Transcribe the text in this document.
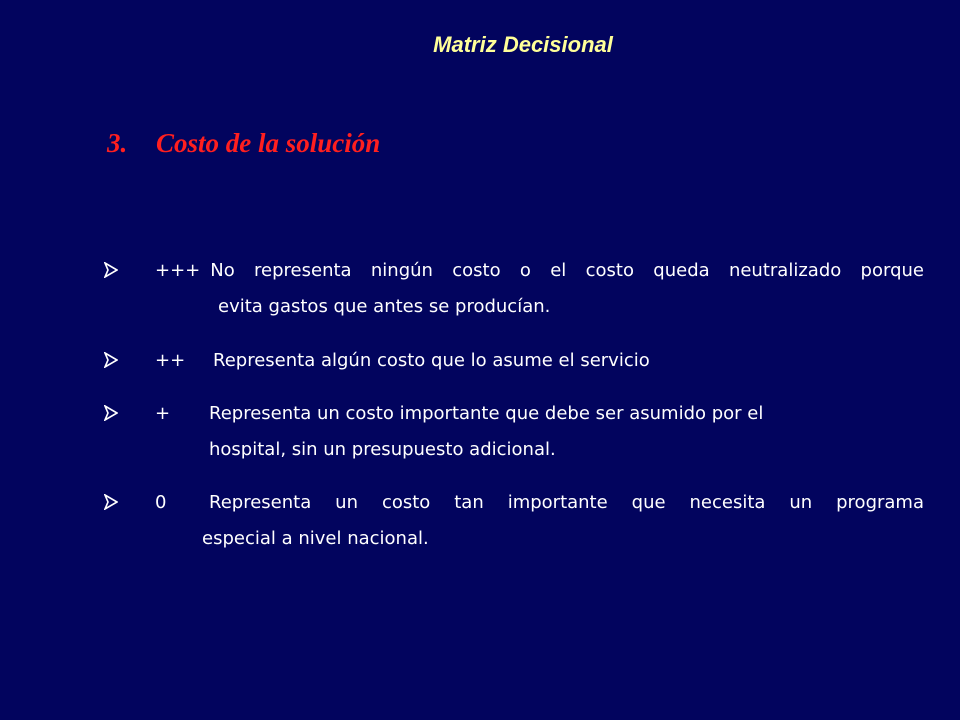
Matriz Decisional
3. Costo de la solución
+++ No representa ningún costo o el costo queda neutralizado porque
evita gastos que antes se producían.
++ Representa algún costo que lo asume el servicio
+ Representa un costo importante que debe ser asumido por el
hospital, sin un presupuesto adicional.
0	Representa un costo tan importante que necesita un programa
especial a nivel nacional.
